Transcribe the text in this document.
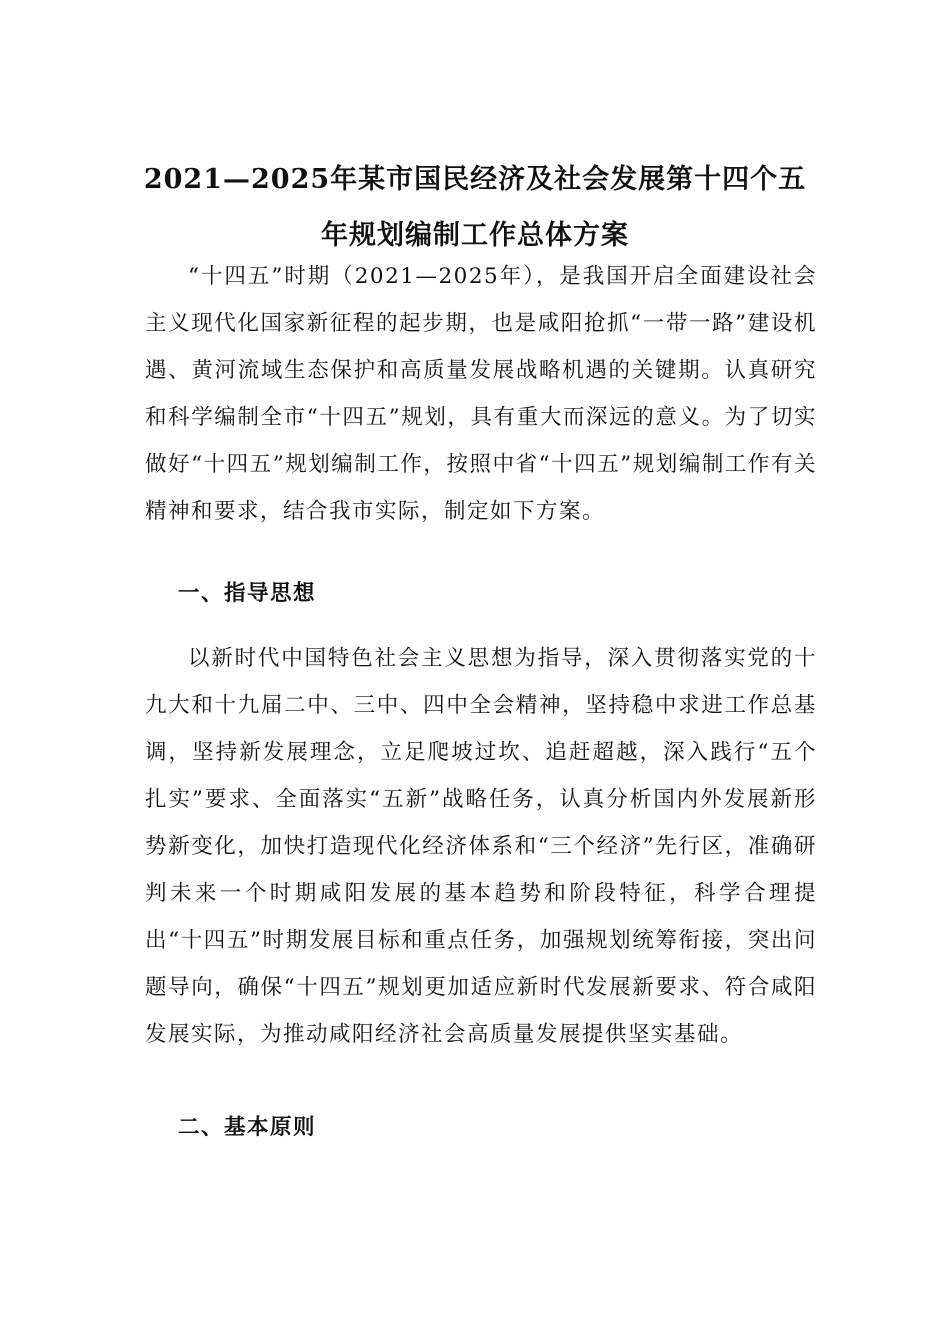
2021—2025年某市国民经济及社会发展第十四个五
年规划编制工作总体方案

“十四五”时期（2021—2025年），是我国开启全面建设社会主义现代化国家新征程的起步期，也是咸阳抢抓“一带一路”建设机遇、黄河流域生态保护和高质量发展战略机遇的关键期。认真研究和科学编制全市“十四五”规划，具有重大而深远的意义。为了切实做好“十四五”规划编制工作，按照中省“十四五”规划编制工作有关精神和要求，结合我市实际，制定如下方案。

一、指导思想

以新时代中国特色社会主义思想为指导，深入贯彻落实党的十九大和十九届二中、三中、四中全会精神，坚持稳中求进工作总基调，坚持新发展理念，立足爬坡过坎、追赶超越，深入践行“五个扎实”要求、全面落实“五新”战略任务，认真分析国内外发展新形势新变化，加快打造现代化经济体系和“三个经济”先行区，准确研判未来一个时期咸阳发展的基本趋势和阶段特征，科学合理提出“十四五”时期发展目标和重点任务，加强规划统筹衔接，突出问题导向，确保“十四五”规划更加适应新时代发展新要求、符合咸阳发展实际，为推动咸阳经济社会高质量发展提供坚实基础。

二、基本原则
